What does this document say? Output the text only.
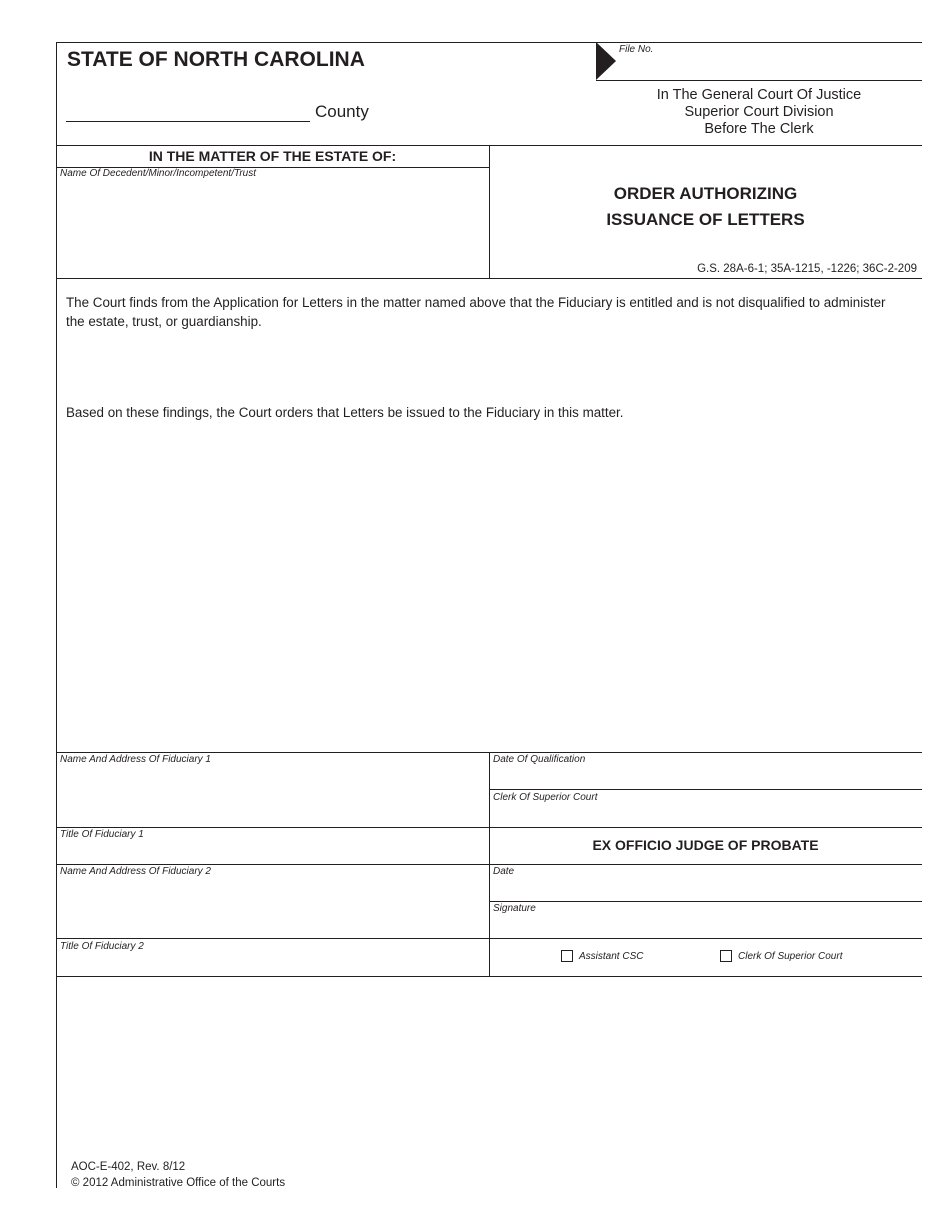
STATE OF NORTH CAROLINA
County
File No.
In The General Court Of Justice
Superior Court Division
Before The Clerk
IN THE MATTER OF THE ESTATE OF:
Name Of Decedent/Minor/Incompetent/Trust
ORDER AUTHORIZING
ISSUANCE OF LETTERS
G.S. 28A-6-1; 35A-1215, -1226; 36C-2-209
The Court finds from the Application for Letters in the matter named above that the Fiduciary is entitled and is not disqualified to administer the estate, trust, or guardianship.
Based on these findings, the Court orders that Letters be issued to the Fiduciary in this matter.
Name And Address Of Fiduciary 1
Title Of Fiduciary 1
Name And Address Of Fiduciary 2
Title Of Fiduciary 2
Date Of Qualification
Clerk Of Superior Court
EX OFFICIO JUDGE OF PROBATE
Date
Signature
Assistant CSC	Clerk Of Superior Court
AOC-E-402, Rev. 8/12
© 2012 Administrative Office of the Courts
